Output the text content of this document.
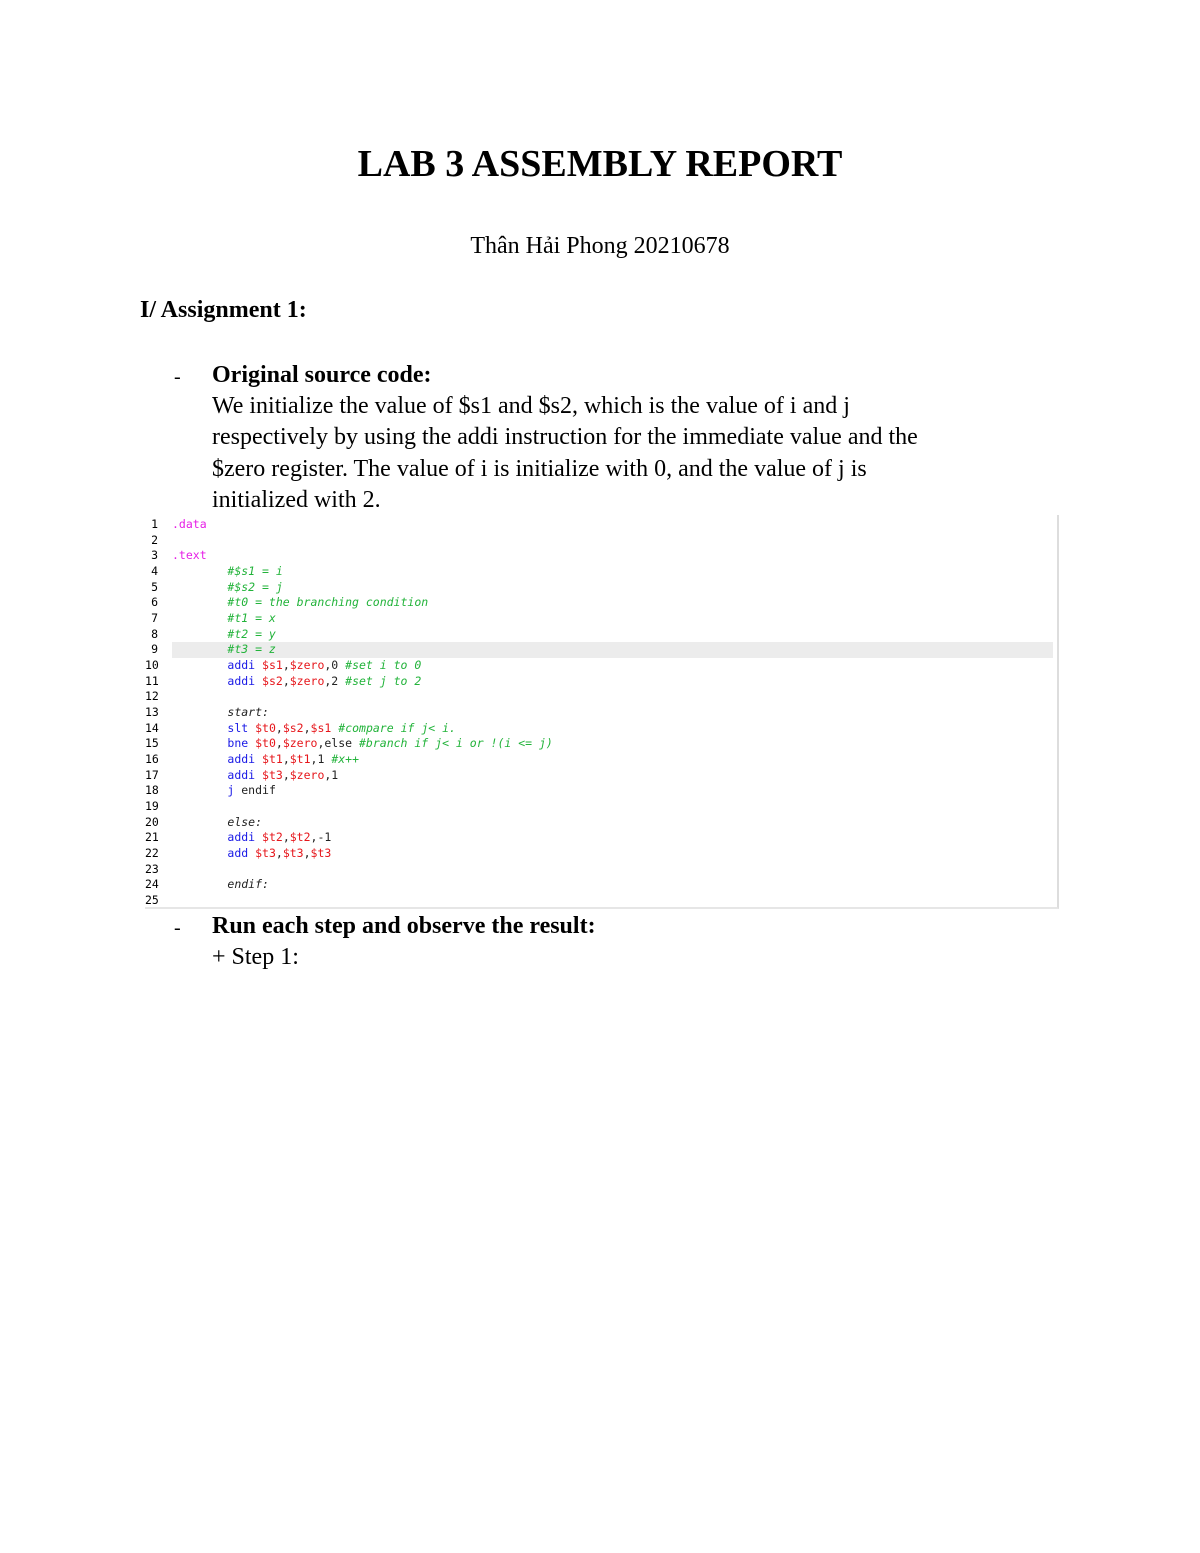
LAB 3 ASSEMBLY REPORT
Thân Hải Phong 20210678
I/ Assignment 1:
- Original source code:
We initialize the value of $s1 and $s2, which is the value of i and j
respectively by using the addi instruction for the immediate value and the
$zero register. The value of i is initialize with 0, and the value of j is
initialized with 2.
1 .data
2
3 .text
4	#$s1 = i
5	#$s2 = j
6	#t0 = the branching condition
7	#t1 = x
8	#t2 = y
9	#t3 = z
10	addi $s1,$zero,0 #set i to 0
11	addi $s2,$zero,2 #set j to 2
12
13	start:
14	slt $t0,$s2,$s1 #compare if j< i.
15	bne $t0,$zero,else #branch if j< i or !(i <= j)
16	addi $t1,$t1,1 #x++
17	addi $t3,$zero,1
18	j endif
19
20	else:
21	addi $t2,$t2,-1
22	add $t3,$t3,$t3
23
24	endif:
25
- Run each step and observe the result:
+ Step 1:
